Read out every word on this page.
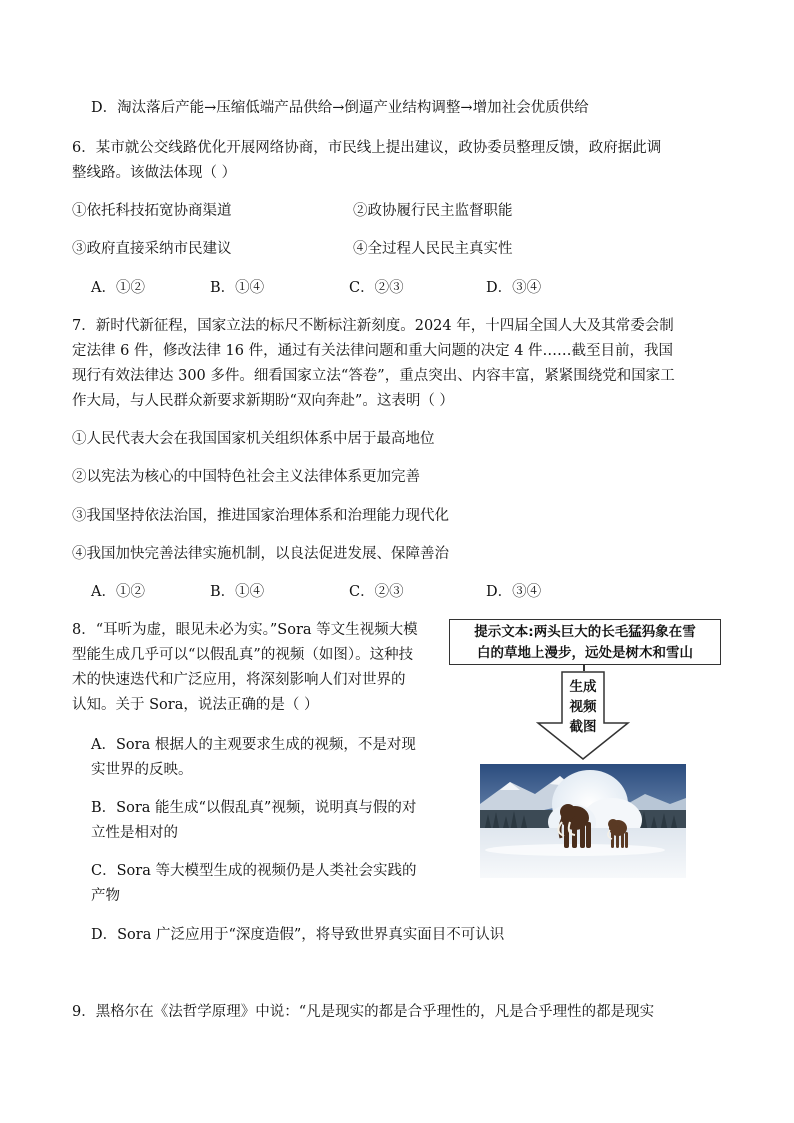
D．淘汰落后产能→压缩低端产品供给→倒逼产业结构调整→增加社会优质供给
6．某市就公交线路优化开展网络协商，市民线上提出建议，政协委员整理反馈，政府据此调
整线路。该做法体现（ ）
①依托科技拓宽协商渠道	②政协履行民主监督职能
③政府直接采纳市民建议	④全过程人民民主真实性
A．①②	B．①④	C．②③	D．③④
7．新时代新征程，国家立法的标尺不断标注新刻度。2024 年，十四届全国人大及其常委会制
定法律 6 件，修改法律 16 件，通过有关法律问题和重大问题的决定 4 件……截至目前，我国
现行有效法律达 300 多件。细看国家立法“答卷”，重点突出、内容丰富，紧紧围绕党和国家工
作大局，与人民群众新要求新期盼“双向奔赴”。这表明（ ）
①人民代表大会在我国国家机关组织体系中居于最高地位
②以宪法为核心的中国特色社会主义法律体系更加完善
③我国坚持依法治国，推进国家治理体系和治理能力现代化
④我国加快完善法律实施机制，以良法促进发展、保障善治
A．①②	B．①④	C．②③	D．③④
8．“耳听为虚，眼见未必为实。”Sora 等文生视频大模
型能生成几乎可以“以假乱真”的视频（如图）。这种技
术的快速迭代和广泛应用，将深刻影响人们对世界的
认知。关于 Sora，说法正确的是（ ）
A．Sora 根据人的主观要求生成的视频，不是对现
实世界的反映。
B．Sora 能生成“以假乱真”视频，说明真与假的对
立性是相对的
C．Sora 等大模型生成的视频仍是人类社会实践的
产物
D．Sora 广泛应用于“深度造假”，将导致世界真实面目不可认识
提示文本:两头巨大的长毛猛犸象在雪
白的草地上漫步，远处是树木和雪山
生成
视频
截图
9．黑格尔在《法哲学原理》中说：“凡是现实的都是合乎理性的，凡是合乎理性的都是现实
